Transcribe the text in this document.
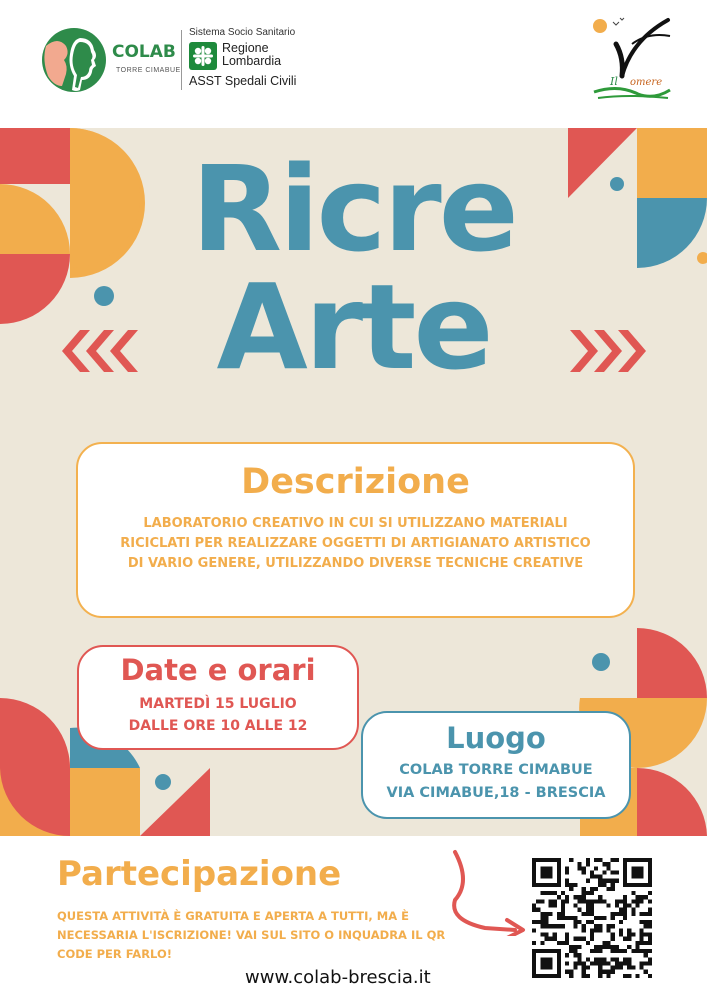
COLAB
TORRE CIMABUE
Sistema Socio Sanitario
Regione
Lombardia
ASST Spedali Civili	Il omere
Ricre
Arte
Descrizione
LABORATORIO CREATIVO IN CUI SI UTILIZZANO MATERIALI RICICLATI PER REALIZZARE OGGETTI DI ARTIGIANATO ARTISTICO DI VARIO GENERE, UTILIZZANDO DIVERSE TECNICHE CREATIVE
Date e orari
MARTEDÌ 15 LUGLIO
DALLE ORE 10 ALLE 12	Luogo
COLAB TORRE CIMABUE
VIA CIMABUE,18 - BRESCIA
Partecipazione
QUESTA ATTIVITÀ È GRATUITA E APERTA A TUTTI, MA È NECESSARIA L'ISCRIZIONE! VAI SUL SITO O INQUADRA IL QR CODE PER FARLO!
www.colab-brescia.it
